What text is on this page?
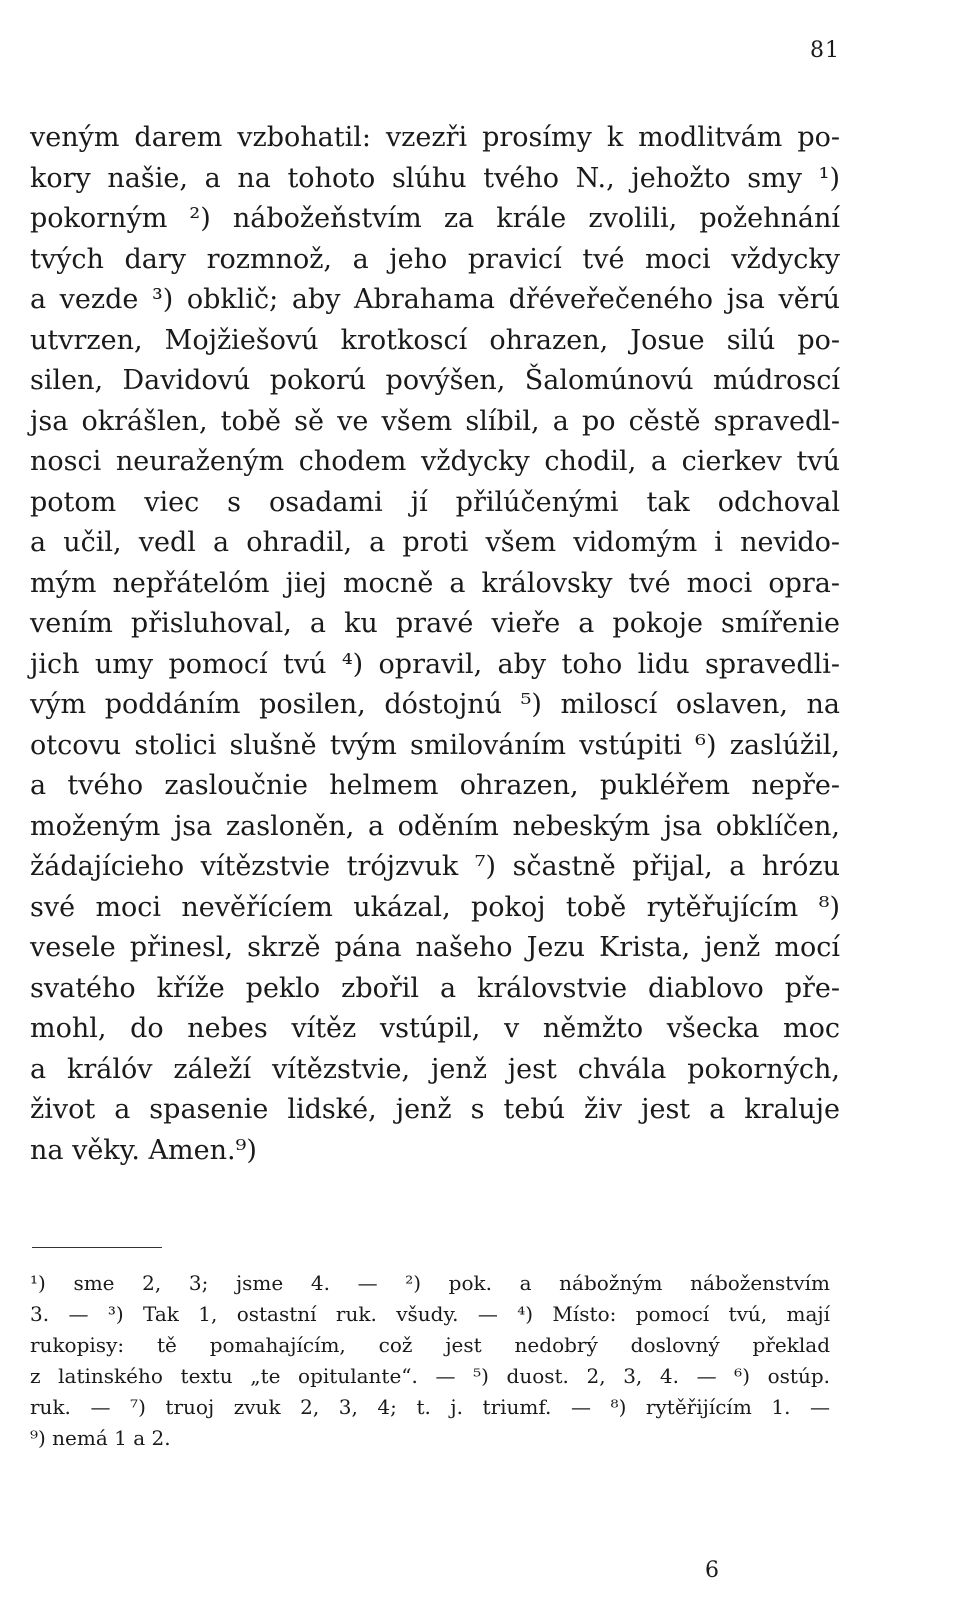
81
veným darem vzbohatil: vzezři prosímy k modlitvám po-
kory našie, a na tohoto slúhu tvého N., jehožto smy ¹)
pokorným ²) nábožeňstvím za krále zvolili, požehnání
tvých dary rozmnož, a jeho pravicí tvé moci vždycky
a vezde ³) obklič; aby Abrahama dřéveřečeného jsa věrú
utvrzen, Mojžiešovú krotkoscí ohrazen, Josue silú po-
silen, Davidovú pokorú povýšen, Šalomúnovú múdroscí
jsa okrášlen, tobě sě ve všem slíbil, a po cěstě spravedl-
nosci neuraženým chodem vždycky chodil, a cierkev tvú
potom viec s osadami jí přilúčenými tak odchoval
a učil, vedl a ohradil, a proti všem vidomým i nevido-
mým nepřátelóm jiej mocně a královsky tvé moci opra-
vením přisluhoval, a ku pravé vieře a pokoje smířenie
jich umy pomocí tvú ⁴) opravil, aby toho lidu spravedli-
vým poddáním posilen, dóstojnú ⁵) miloscí oslaven, na
otcovu stolici slušně tvým smilováním vstúpiti ⁶) zaslúžil,
a tvého zasloučnie helmem ohrazen, pukléřem nepře-
moženým jsa zasloněn, a oděním nebeským jsa obklíčen,
žádajícieho vítězstvie trójzvuk ⁷) sčastně přijal, a hrózu
své moci nevěřícíem ukázal, pokoj tobě rytěřujícím ⁸)
vesele přinesl, skrzě pána našeho Jezu Krista, jenž mocí
svatého kříže peklo zbořil a královstvie diablovo pře-
mohl, do nebes vítěz vstúpil, v němžto všecka moc
a králóv záleží vítězstvie, jenž jest chvála pokorných,
život a spasenie lidské, jenž s tebú živ jest a kraluje
na věky. Amen.⁹)
¹) sme 2, 3; jsme 4. — ²) pok. a nábožným náboženstvím
3. — ³) Tak 1, ostastní ruk. všudy. — ⁴) Místo: pomocí tvú, mají
rukopisy: tě pomahajícím, což jest nedobrý doslovný překlad
z latinského textu „te opitulante“. — ⁵) duost. 2, 3, 4. — ⁶) ostúp.
ruk. — ⁷) truoj zvuk 2, 3, 4; t. j. triumf. — ⁸) rytěřijícím 1. —
⁹) nemá 1 a 2.
6
